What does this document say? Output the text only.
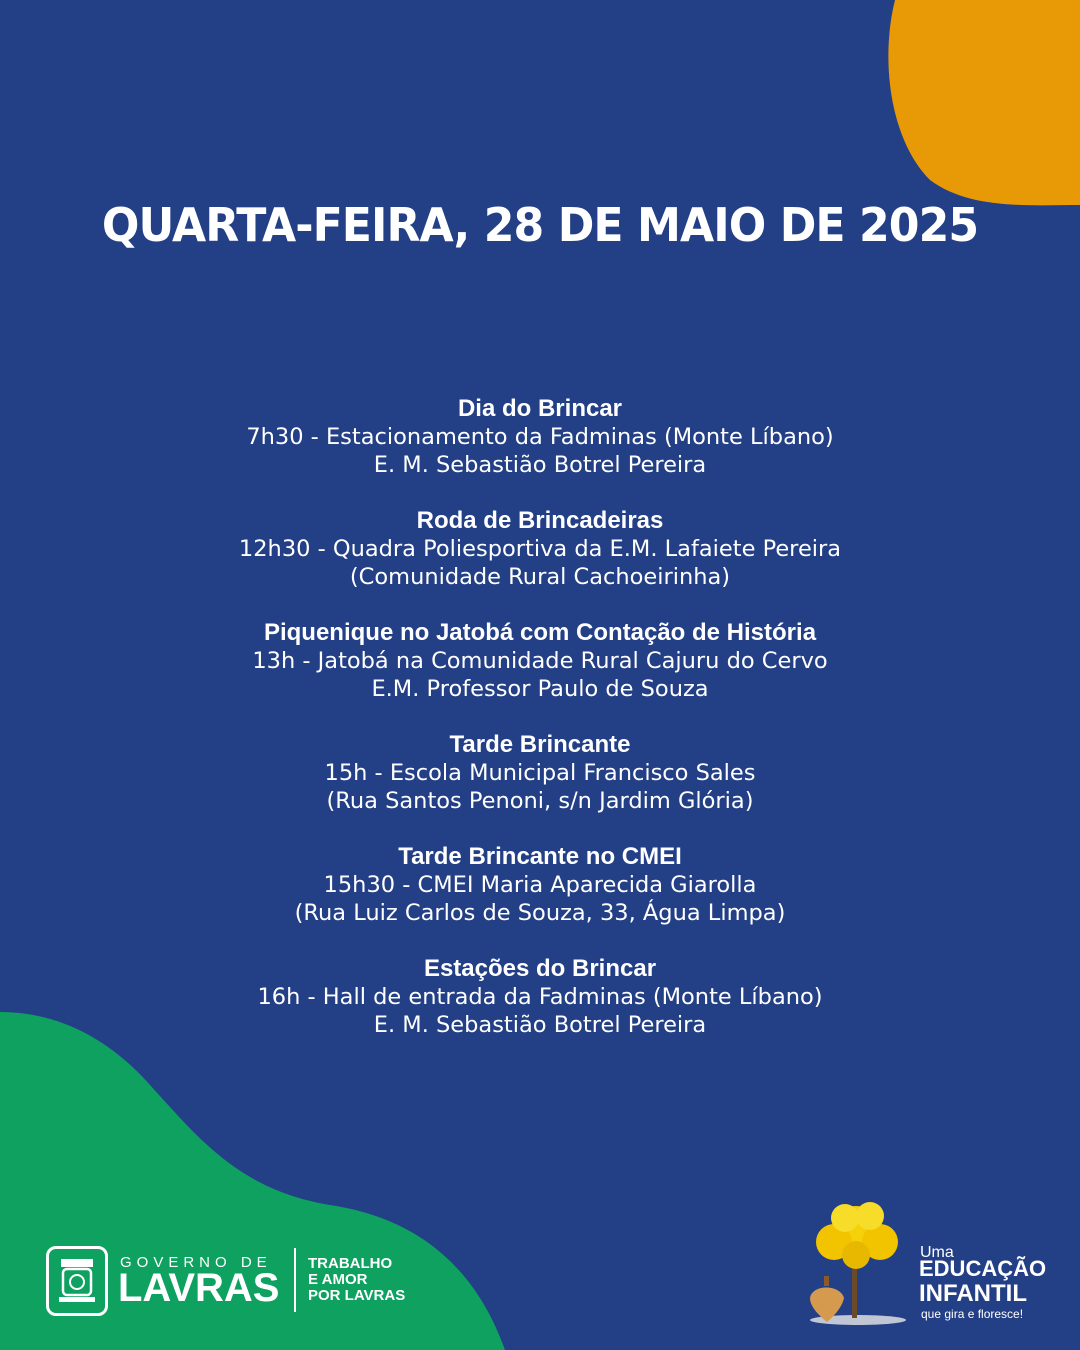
QUARTA-FEIRA, 28 DE MAIO DE 2025
Dia do Brincar
7h30 - Estacionamento da Fadminas (Monte Líbano)
E. M. Sebastião Botrel Pereira
Roda de Brincadeiras
12h30 - Quadra Poliesportiva da E.M. Lafaiete Pereira
(Comunidade Rural Cachoeirinha)
Piquenique no Jatobá com Contação de História
13h - Jatobá na Comunidade Rural Cajuru do Cervo
E.M. Professor Paulo de Souza
Tarde Brincante
15h - Escola Municipal Francisco Sales
(Rua Santos Penoni, s/n Jardim Glória)
Tarde Brincante no CMEI
15h30 - CMEI Maria Aparecida Giarolla
(Rua Luiz Carlos de Souza, 33, Água Limpa)
Estações do Brincar
16h - Hall de entrada da Fadminas (Monte Líbano)
E. M. Sebastião Botrel Pereira
GOVERNO DE
LAVRAS
TRABALHO
E AMOR
POR LAVRAS
Uma
EDUCAÇÃO
INFANTIL
que gira e floresce!
